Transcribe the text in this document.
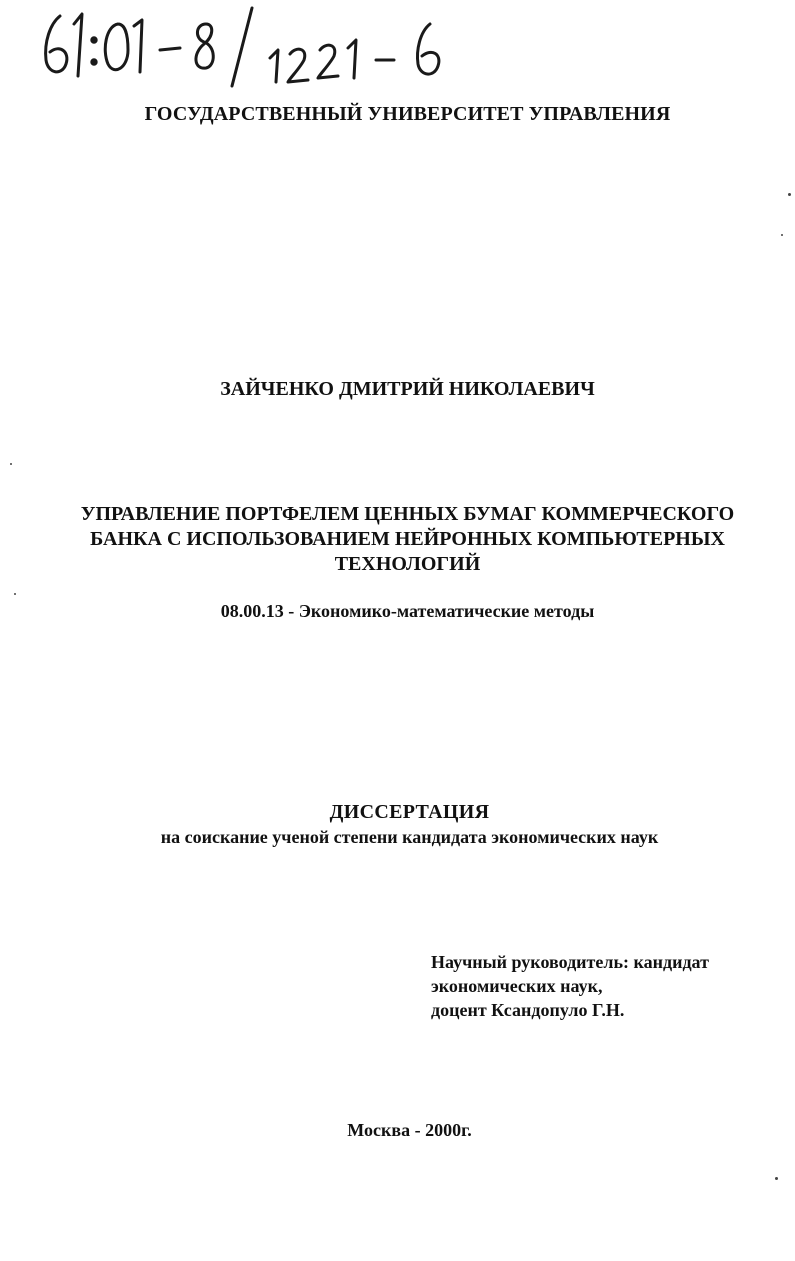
ГОСУДАРСТВЕННЫЙ УНИВЕРСИТЕТ УПРАВЛЕНИЯ

ЗАЙЧЕНКО ДМИТРИЙ НИКОЛАЕВИЧ

УПРАВЛЕНИЕ ПОРТФЕЛЕМ ЦЕННЫХ БУМАГ КОММЕРЧЕСКОГО
БАНКА С ИСПОЛЬЗОВАНИЕМ НЕЙРОННЫХ КОМПЬЮТЕРНЫХ
ТЕХНОЛОГИЙ

08.00.13 - Экономико-математические методы

ДИССЕРТАЦИЯ

на соискание ученой степени кандидата экономических наук

Научный руководитель: кандидат
экономических наук,
доцент Ксандопуло Г.Н.

Москва - 2000г.
